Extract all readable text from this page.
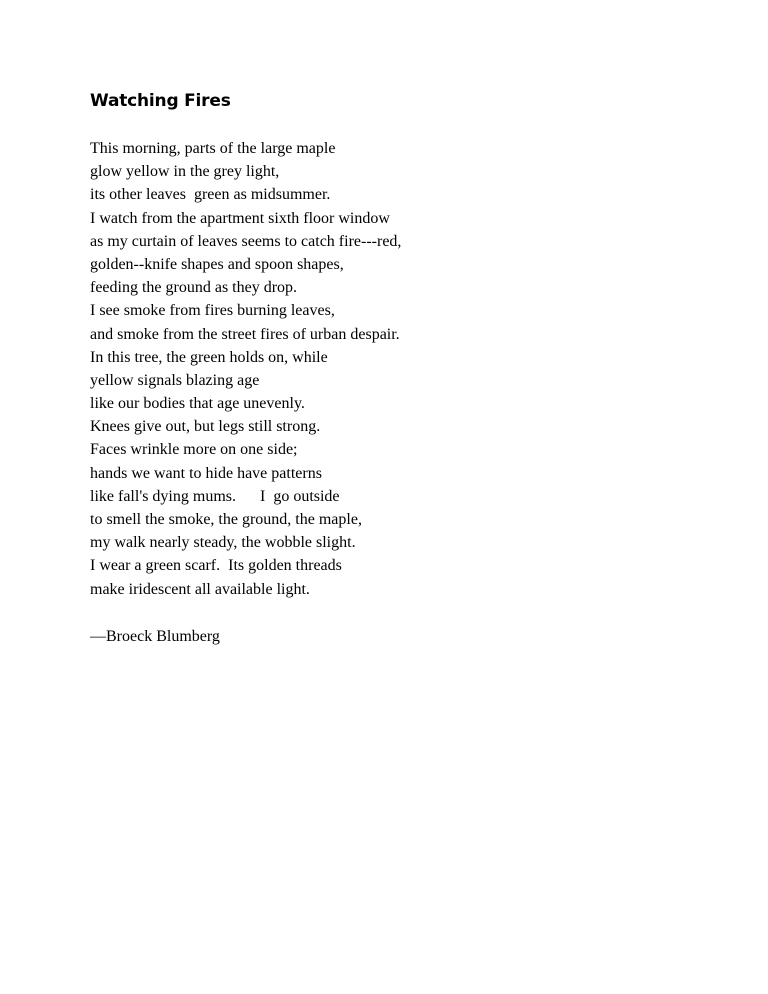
Watching Fires
This morning, parts of the large maple
glow yellow in the grey light,
its other leaves  green as midsummer.
I watch from the apartment sixth floor window
as my curtain of leaves seems to catch fire---red,
golden--knife shapes and spoon shapes,
feeding the ground as they drop.
I see smoke from fires burning leaves,
and smoke from the street fires of urban despair.
In this tree, the green holds on, while
yellow signals blazing age
like our bodies that age unevenly.
Knees give out, but legs still strong.
Faces wrinkle more on one side;
hands we want to hide have patterns
like fall's dying mums.      I  go outside
to smell the smoke, the ground, the maple,
my walk nearly steady, the wobble slight.
I wear a green scarf.  Its golden threads
make iridescent all available light.

—Broeck Blumberg
